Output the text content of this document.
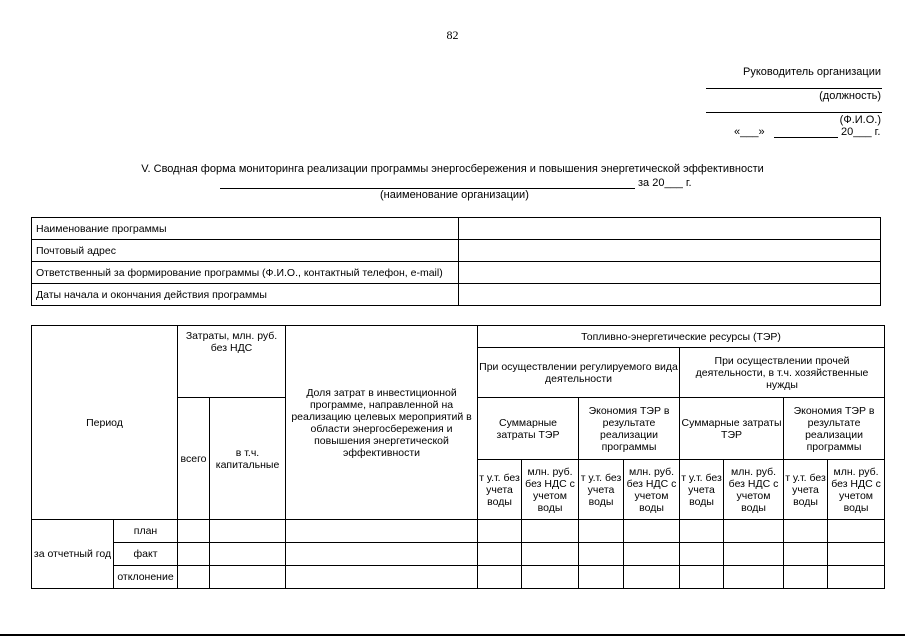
82
Руководитель организации
(должность)
(Ф.И.О.)
«___»	20___ г.
V. Сводная форма мониторинга реализации программы энергосбережения и повышения энергетической эффективности
за 20___ г.
(наименование организации)
Наименование программы	
Почтовый адрес	
Ответственный за формирование программы (Ф.И.О., контактный телефон, e-mail)	
Даты начала и окончания действия программы	
Период		Затраты, млн. руб. без НДС		Доля затрат в инвестиционной программе, направленной на реализацию целевых мероприятий в области энергосбережения и повышения энергетической эффективности	Топливно-энергетические ресурсы (ТЭР)							
					При осуществлении регулируемого вида деятельности				При осуществлении прочей деятельности, в т.ч. хозяйственные нужды			
		всего	в т.ч. капитальные		Суммарные затраты ТЭР		Экономия ТЭР в результате реализации программы		Суммарные затраты ТЭР		Экономия ТЭР в результате реализации программы	
					т у.т. без учета воды	млн. руб. без НДС с учетом воды	т у.т. без учета воды	млн. руб. без НДС с учетом воды	т у.т. без учета воды	млн. руб. без НДС с учетом воды	т у.т. без учета воды	млн. руб. без НДС с учетом воды
за отчетный год	план											
	факт											
	отклонение											
